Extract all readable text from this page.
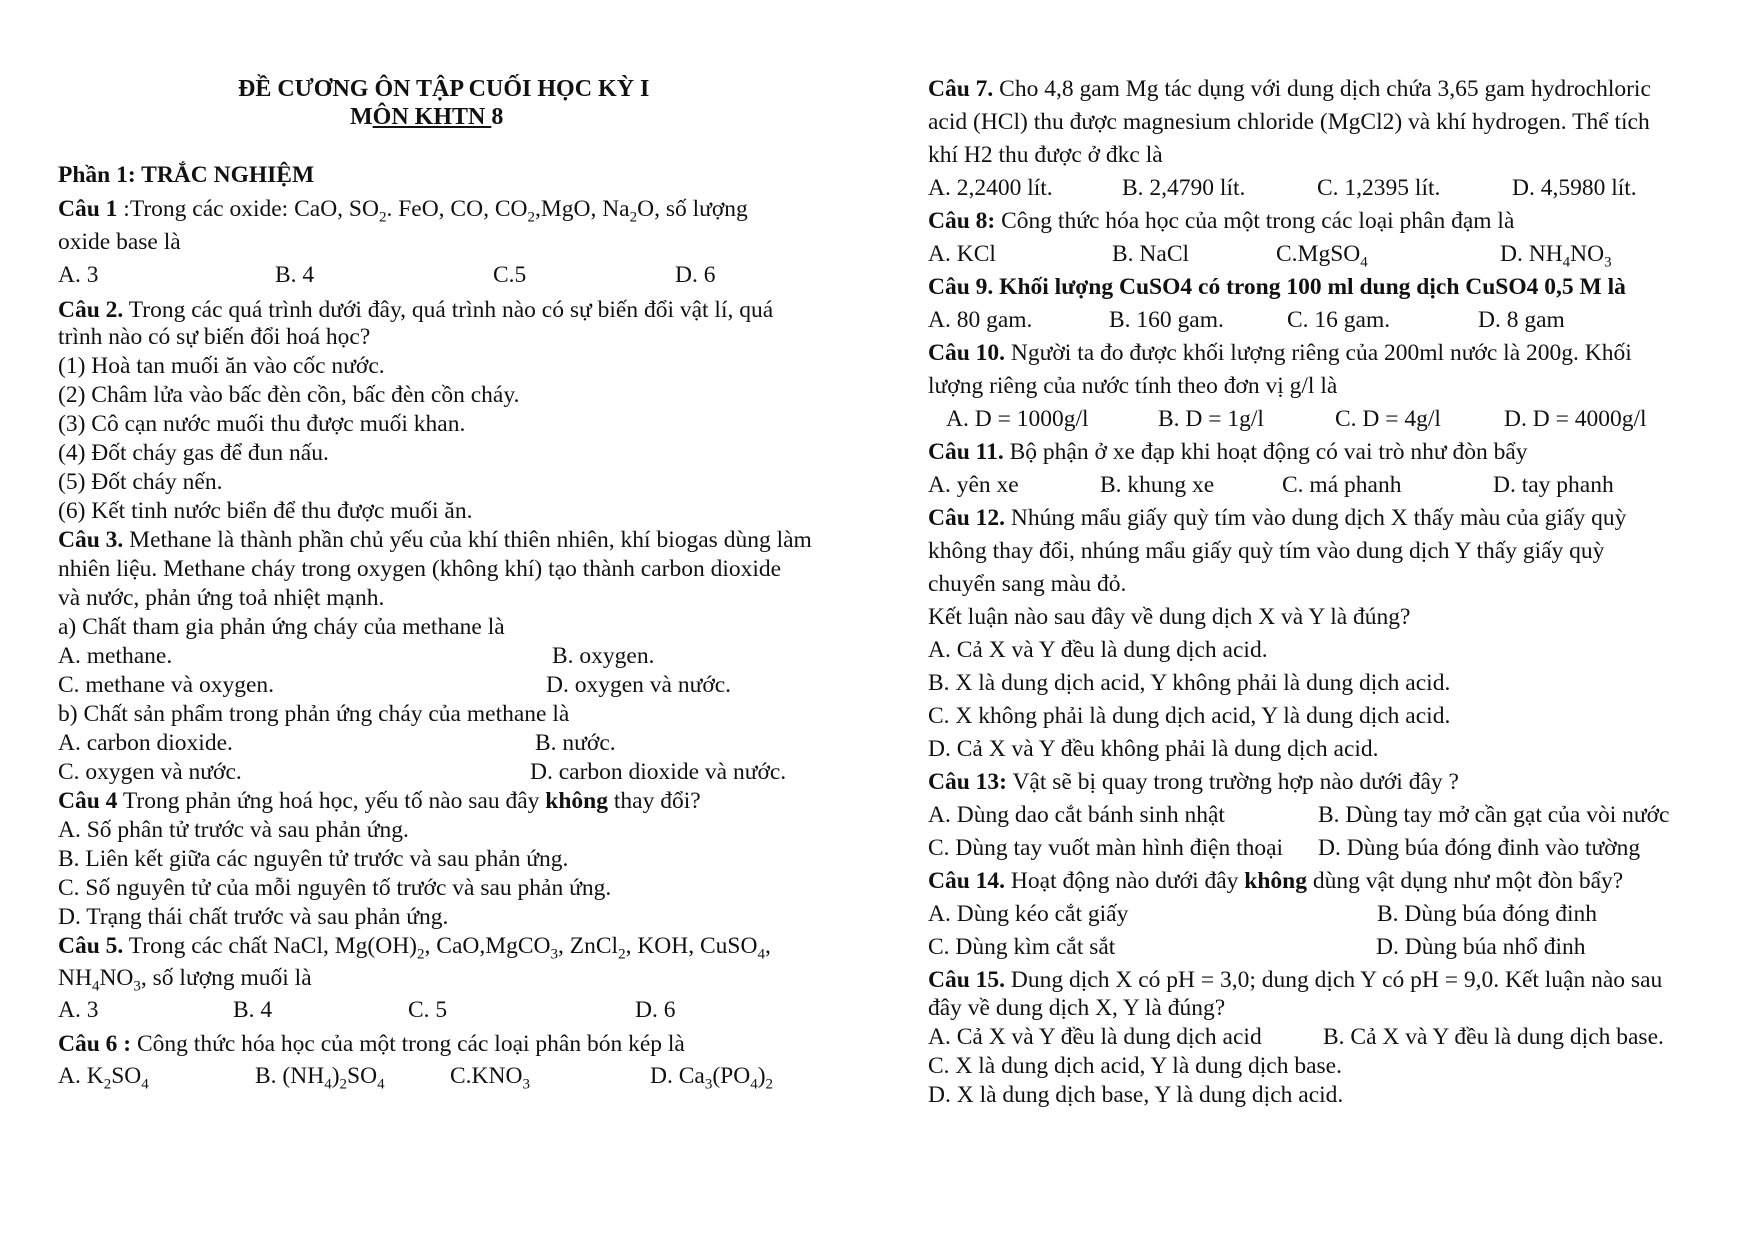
ĐỀ CƯƠNG ÔN TẬP CUỐI HỌC KỲ I
MÔN KHTN 8
Phần 1: TRẮC NGHIỆM
Câu 1 :Trong các oxide: CaO, $SO_2$. FeO, CO, $CO_2,MgO$, $Na_2O$, số lượng
oxide base là
A. 3	B. 4	C.5	D. 6
Câu 2. Trong các quá trình dưới đây, quá trình nào có sự biến đổi vật lí, quá
trình nào có sự biến đổi hoá học?
(1) Hoà tan muối ăn vào cốc nước.
(2) Châm lửa vào bấc đèn cồn, bấc đèn cồn cháy.
(3) Cô cạn nước muối thu được muối khan.
(4) Đốt cháy gas để đun nấu.
(5) Đốt cháy nến.
(6) Kết tinh nước biển để thu được muối ăn.
Câu 3. Methane là thành phần chủ yếu của khí thiên nhiên, khí biogas dùng làm
nhiên liệu. Methane cháy trong oxygen (không khí) tạo thành carbon dioxide
và nước, phản ứng toả nhiệt mạnh.
a) Chất tham gia phản ứng cháy của methane là
A. methane.	B. oxygen.
C. methane và oxygen.	D. oxygen và nước.
b) Chất sản phẩm trong phản ứng cháy của methane là
A. carbon dioxide.	B. nước.
C. oxygen và nước.	D. carbon dioxide và nước.
Câu 4 Trong phản ứng hoá học, yếu tố nào sau đây không thay đổi?
A. Số phân tử trước và sau phản ứng.
B. Liên kết giữa các nguyên tử trước và sau phản ứng.
C. Số nguyên tử của mỗi nguyên tố trước và sau phản ứng.
D. Trạng thái chất trước và sau phản ứng.
Câu 5. Trong các chất NaCl, $Mg(OH)_2$, CaO,MgCO$_3$, ZnCl$_2$, KOH, CuSO$_4$,
$NH_4NO_3$, số lượng muối là
A. 3	B. 4	C. 5	D. 6
Câu 6 : Công thức hóa học của một trong các loại phân bón kép là
A. $K_2SO_4$	B. $(NH_4)_2SO_4$	$C.KNO_3$	D. $Ca_3(PO_4)_2$
Câu 7. Cho 4,8 gam Mg tác dụng với dung dịch chứa 3,65 gam hydrochloric
acid (HCl) thu được magnesium chloride (MgCl2) và khí hydrogen. Thể tích
khí H2 thu được ở đkc là
A. 2,2400 lít.	B. 2,4790 lít.	C. 1,2395 lít.	D. 4,5980 lít.
Câu 8: Công thức hóa học của một trong các loại phân đạm là
A. KCl	B. NaCl	C.MgSO$_4$	D. $NH_4NO_3$
Câu 9. Khối lượng CuSO4 có trong 100 ml dung dịch CuSO4 0,5 M là
A. 80 gam.	B. 160 gam.	C. 16 gam.	D. 8 gam
Câu 10. Người ta đo được khối lượng riêng của 200ml nước là 200g. Khối
lượng riêng của nước tính theo đơn vị g/l là
A. D = 1000g/l	B. D = 1g/l	C. D = 4g/l	D. D = 4000g/l
Câu 11. Bộ phận ở xe đạp khi hoạt động có vai trò như đòn bẩy
A. yên xe	B. khung xe	C. má phanh	D. tay phanh
Câu 12. Nhúng mẩu giấy quỳ tím vào dung dịch X thấy màu của giấy quỳ
không thay đổi, nhúng mẩu giấy quỳ tím vào dung dịch Y thấy giấy quỳ
chuyển sang màu đỏ.
Kết luận nào sau đây về dung dịch X và Y là đúng?
A. Cả X và Y đều là dung dịch acid.
B. X là dung dịch acid, Y không phải là dung dịch acid.
C. X không phải là dung dịch acid, Y là dung dịch acid.
D. Cả X và Y đều không phải là dung dịch acid.
Câu 13: Vật sẽ bị quay trong trường hợp nào dưới đây ?
A. Dùng dao cắt bánh sinh nhật	B. Dùng tay mở cần gạt của vòi nước
C. Dùng tay vuốt màn hình điện thoại D. Dùng búa đóng đinh vào tường
Câu 14. Hoạt động nào dưới đây không dùng vật dụng như một đòn bẩy?
A. Dùng kéo cắt giấy	B. Dùng búa đóng đinh
C. Dùng kìm cắt sắt	D. Dùng búa nhổ đinh
Câu 15. Dung dịch X có pH = 3,0; dung dịch Y có pH = 9,0. Kết luận nào sau
đây về dung dịch X, Y là đúng?
A. Cả X và Y đều là dung dịch acid	B. Cả X và Y đều là dung dịch base.
C. X là dung dịch acid, Y là dung dịch base.
D. X là dung dịch base, Y là dung dịch acid.
